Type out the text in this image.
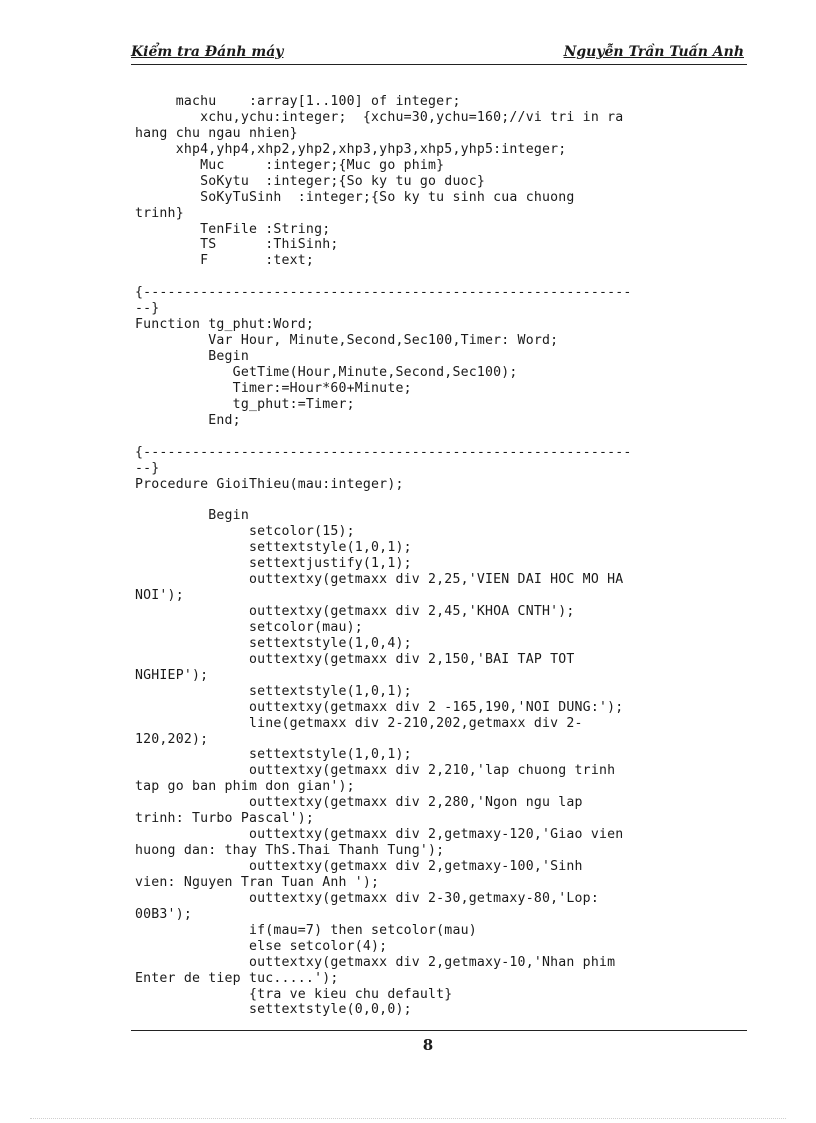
Kiểm tra Đánh máy	Nguyễn Trần Tuấn Anh
machu    :array[1..100] of integer;
xchu,ychu:integer;  {xchu=30,ychu=160;//vi tri in ra
hang chu ngau nhien}
xhp4,yhp4,xhp2,yhp2,xhp3,yhp3,xhp5,yhp5:integer;
Muc     :integer;{Muc go phim}
SoKytu  :integer;{So ky tu go duoc}
SoKyTuSinh  :integer;{So ky tu sinh cua chuong
trinh}
TenFile :String;
TS      :ThiSinh;
F       :text;
{------------------------------------------------------------
--}
Function tg_phut:Word;
Var Hour, Minute,Second,Sec100,Timer: Word;
Begin
GetTime(Hour,Minute,Second,Sec100);
Timer:=Hour*60+Minute;
tg_phut:=Timer;
End;
{------------------------------------------------------------
--}
Procedure GioiThieu(mau:integer);
Begin
setcolor(15);
settextstyle(1,0,1);
settextjustify(1,1);
outtextxy(getmaxx div 2,25,'VIEN DAI HOC MO HA
NOI');
outtextxy(getmaxx div 2,45,'KHOA CNTH');
setcolor(mau);
settextstyle(1,0,4);
outtextxy(getmaxx div 2,150,'BAI TAP TOT
NGHIEP');
settextstyle(1,0,1);
outtextxy(getmaxx div 2 -165,190,'NOI DUNG:');
line(getmaxx div 2-210,202,getmaxx div 2-
120,202);
settextstyle(1,0,1);
outtextxy(getmaxx div 2,210,'lap chuong trinh
tap go ban phim don gian');
outtextxy(getmaxx div 2,280,'Ngon ngu lap
trinh: Turbo Pascal');
outtextxy(getmaxx div 2,getmaxy-120,'Giao vien
huong dan: thay ThS.Thai Thanh Tung');
outtextxy(getmaxx div 2,getmaxy-100,'Sinh
vien: Nguyen Tran Tuan Anh ');
outtextxy(getmaxx div 2-30,getmaxy-80,'Lop:
00B3');
if(mau=7) then setcolor(mau)
else setcolor(4);
outtextxy(getmaxx div 2,getmaxy-10,'Nhan phim
Enter de tiep tuc.....');
{tra ve kieu chu default}
settextstyle(0,0,0);
8
